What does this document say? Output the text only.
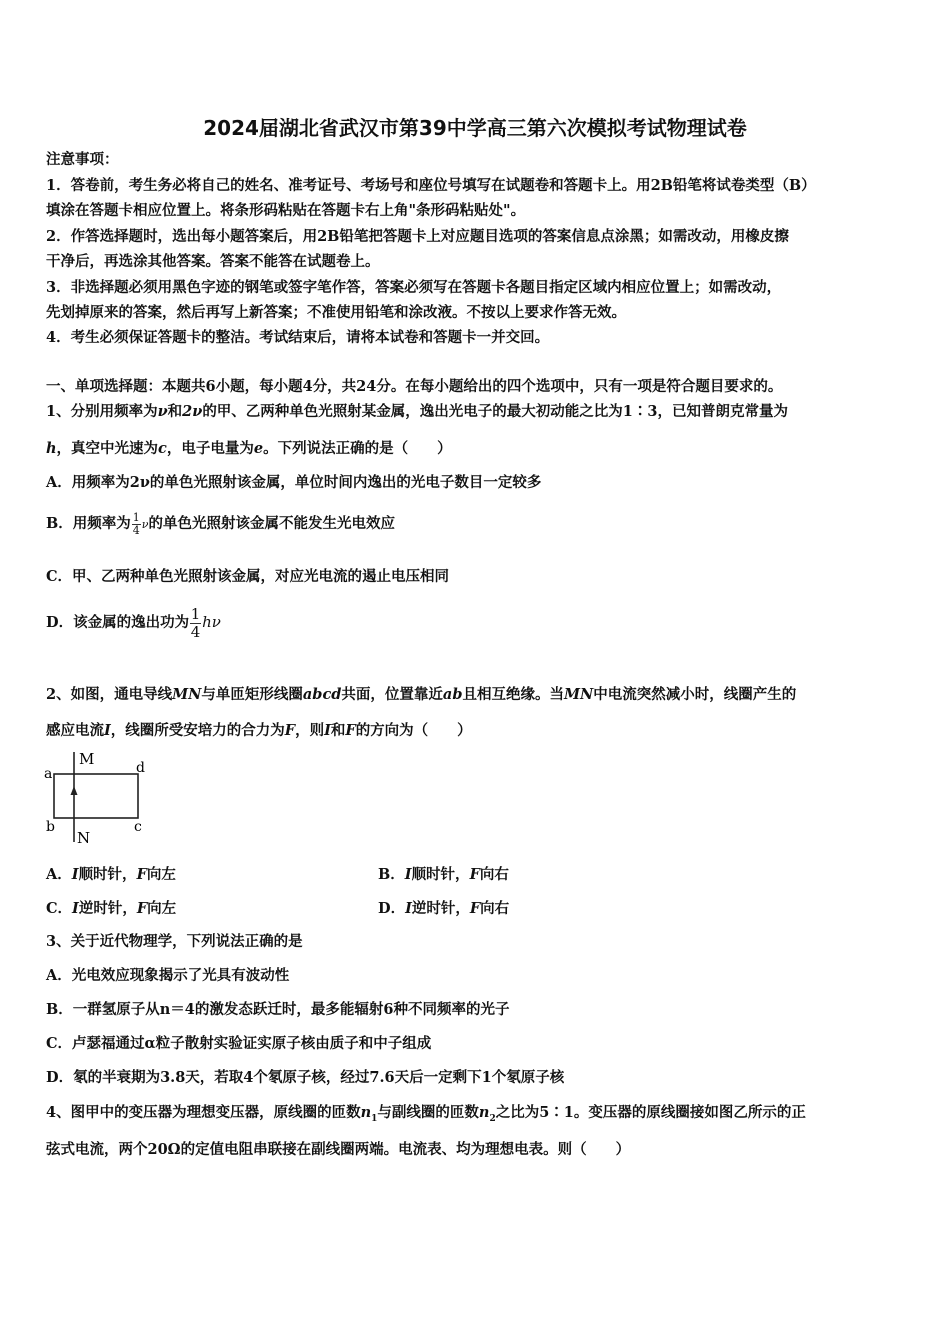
2024届湖北省武汉市第39中学高三第六次模拟考试物理试卷
注意事项：
1．答卷前，考生务必将自己的姓名、准考证号、考场号和座位号填写在试题卷和答题卡上。用2B铅笔将试卷类型（B）
填涂在答题卡相应位置上。将条形码粘贴在答题卡右上角"条形码粘贴处"。
2．作答选择题时，选出每小题答案后，用2B铅笔把答题卡上对应题目选项的答案信息点涂黑；如需改动，用橡皮擦
干净后，再选涂其他答案。答案不能答在试题卷上。
3．非选择题必须用黑色字迹的钢笔或签字笔作答，答案必须写在答题卡各题目指定区域内相应位置上；如需改动，
先划掉原来的答案，然后再写上新答案；不准使用铅笔和涂改液。不按以上要求作答无效。
4．考生必须保证答题卡的整洁。考试结束后，请将本试卷和答题卡一并交回。
一、单项选择题：本题共6小题，每小题4分，共24分。在每小题给出的四个选项中，只有一项是符合题目要求的。
1、分别用频率为ν和2ν的甲、乙两种单色光照射某金属，逸出光电子的最大初动能之比为1∶3，已知普朗克常量为
h，真空中光速为c，电子电量为e。下列说法正确的是（　　）
A．用频率为2ν的单色光照射该金属，单位时间内逸出的光电子数目一定较多
B．用频率为 $\frac{1}{4}$ ν的单色光照射该金属不能发生光电效应
C．甲、乙两种单色光照射该金属，对应光电流的遏止电压相同
D．该金属的逸出功为 $\frac{1}{4}$ hν
2、如图，通电导线MN与单匝矩形线圈abcd共面，位置靠近ab且相互绝缘。当MN中电流突然减小时，线圈产生的
感应电流I，线圈所受安培力的合力为F，则I和F的方向为（　　）
M
N
a
b	c
d
A．I顺时针，F向左	B．I顺时针，F向右
C．I逆时针，F向左	D．I逆时针，F向右
3、关于近代物理学，下列说法正确的是
A．光电效应现象揭示了光具有波动性
B．一群氢原子从n＝4的激发态跃迁时，最多能辐射6种不同频率的光子
C．卢瑟福通过α粒子散射实验证实原子核由质子和中子组成
D．氡的半衰期为3.8天，若取4个氡原子核，经过7.6天后一定剩下1个氡原子核
4、图甲中的变压器为理想变压器，原线圈的匝数$n_1$与副线圈的匝数$n_2$之比为5∶1。变压器的原线圈接如图乙所示的正
弦式电流，两个20Ω的定值电阻串联接在副线圈两端。电流表、均为理想电表。则（　　）
